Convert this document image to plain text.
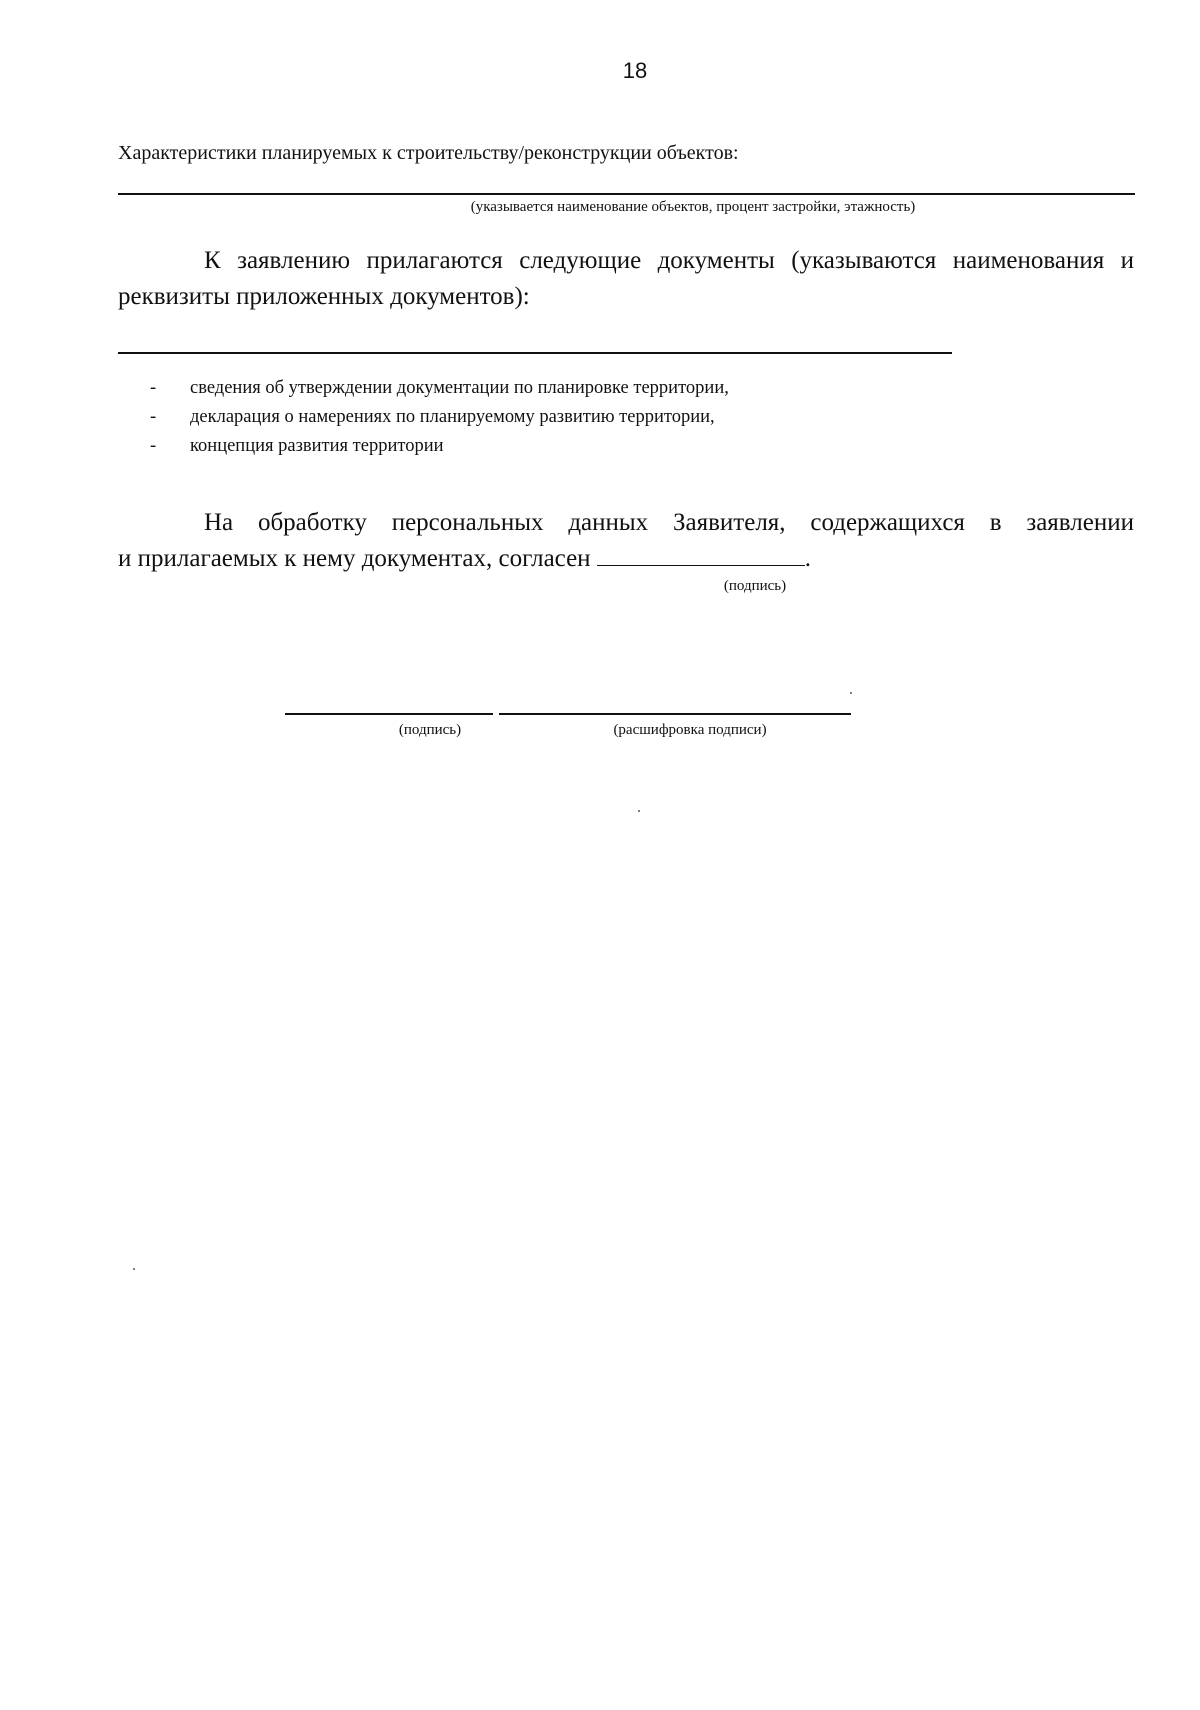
18
Характеристики планируемых к строительству/реконструкции объектов:
(указывается наименование объектов, процент застройки, этажность)
К заявлению прилагаются следующие документы (указываются наименования и реквизиты приложенных документов):
- сведения об утверждении документации по планировке территории,
- декларация о намерениях по планируемому развитию территории,
- концепция развития территории
На обработку персональных данных Заявителя, содержащихся в заявлении
и прилагаемых к нему документах, согласен	.
(подпись)
(подпись)	(расшифровка подписи)
